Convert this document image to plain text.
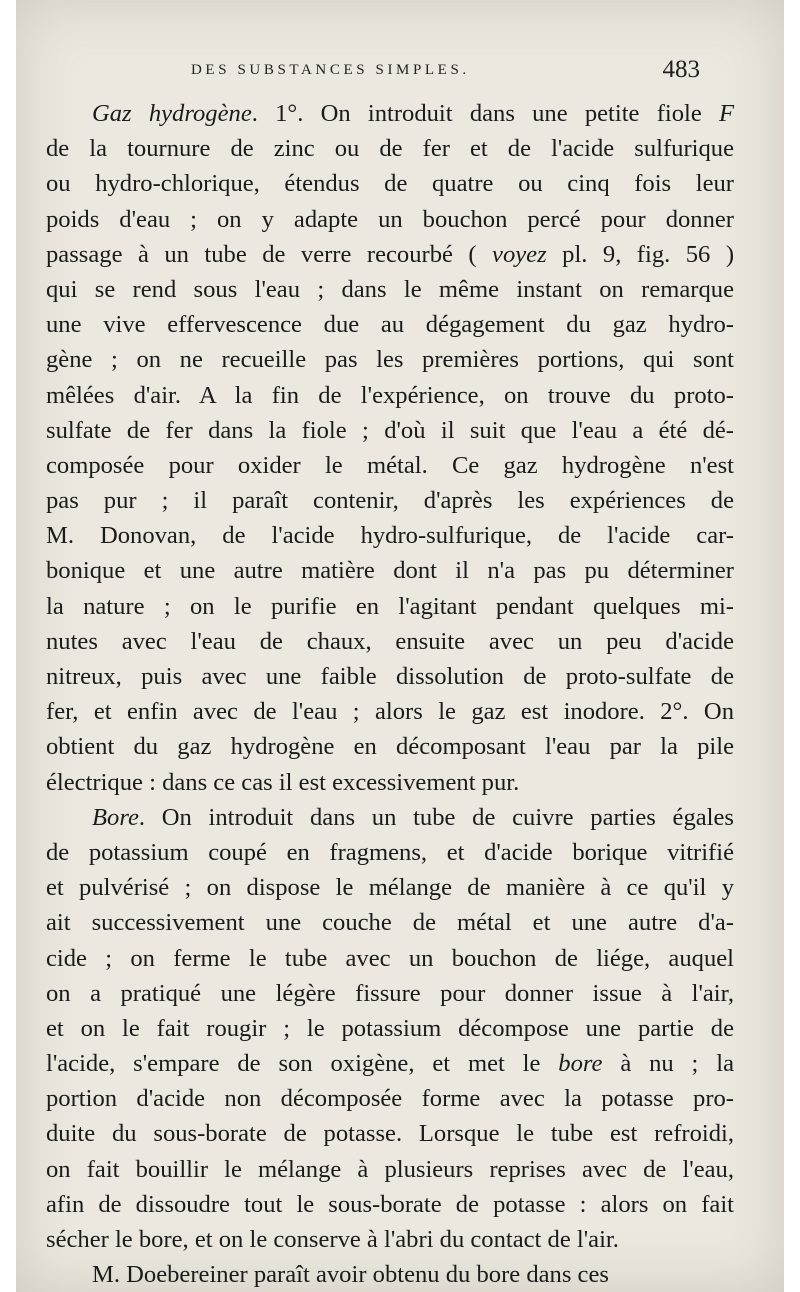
DES SUBSTANCES SIMPLES.	483
Gaz hydrogène. 1°. On introduit dans une petite fiole F
de la tournure de zinc ou de fer et de l'acide sulfurique
ou hydro-chlorique, étendus de quatre ou cinq fois leur
poids d'eau ; on y adapte un bouchon percé pour donner
passage à un tube de verre recourbé ( voyez pl. 9, fig. 56 )
qui se rend sous l'eau ; dans le même instant on remarque
une vive effervescence due au dégagement du gaz hydro-
gène ; on ne recueille pas les premières portions, qui sont
mêlées d'air. A la fin de l'expérience, on trouve du proto-
sulfate de fer dans la fiole ; d'où il suit que l'eau a été dé-
composée pour oxider le métal. Ce gaz hydrogène n'est
pas pur ; il paraît contenir, d'après les expériences de
M. Donovan, de l'acide hydro-sulfurique, de l'acide car-
bonique et une autre matière dont il n'a pas pu déterminer
la nature ; on le purifie en l'agitant pendant quelques mi-
nutes avec l'eau de chaux, ensuite avec un peu d'acide
nitreux, puis avec une faible dissolution de proto-sulfate de
fer, et enfin avec de l'eau ; alors le gaz est inodore. 2°. On
obtient du gaz hydrogène en décomposant l'eau par la pile
électrique : dans ce cas il est excessivement pur.
Bore. On introduit dans un tube de cuivre parties égales
de potassium coupé en fragmens, et d'acide borique vitrifié
et pulvérisé ; on dispose le mélange de manière à ce qu'il y
ait successivement une couche de métal et une autre d'a-
cide ; on ferme le tube avec un bouchon de liége, auquel
on a pratiqué une légère fissure pour donner issue à l'air,
et on le fait rougir ; le potassium décompose une partie de
l'acide, s'empare de son oxigène, et met le bore à nu ; la
portion d'acide non décomposée forme avec la potasse pro-
duite du sous-borate de potasse. Lorsque le tube est refroidi,
on fait bouillir le mélange à plusieurs reprises avec de l'eau,
afin de dissoudre tout le sous-borate de potasse : alors on fait
sécher le bore, et on le conserve à l'abri du contact de l'air.
M. Doebereiner paraît avoir obtenu du bore dans ces
